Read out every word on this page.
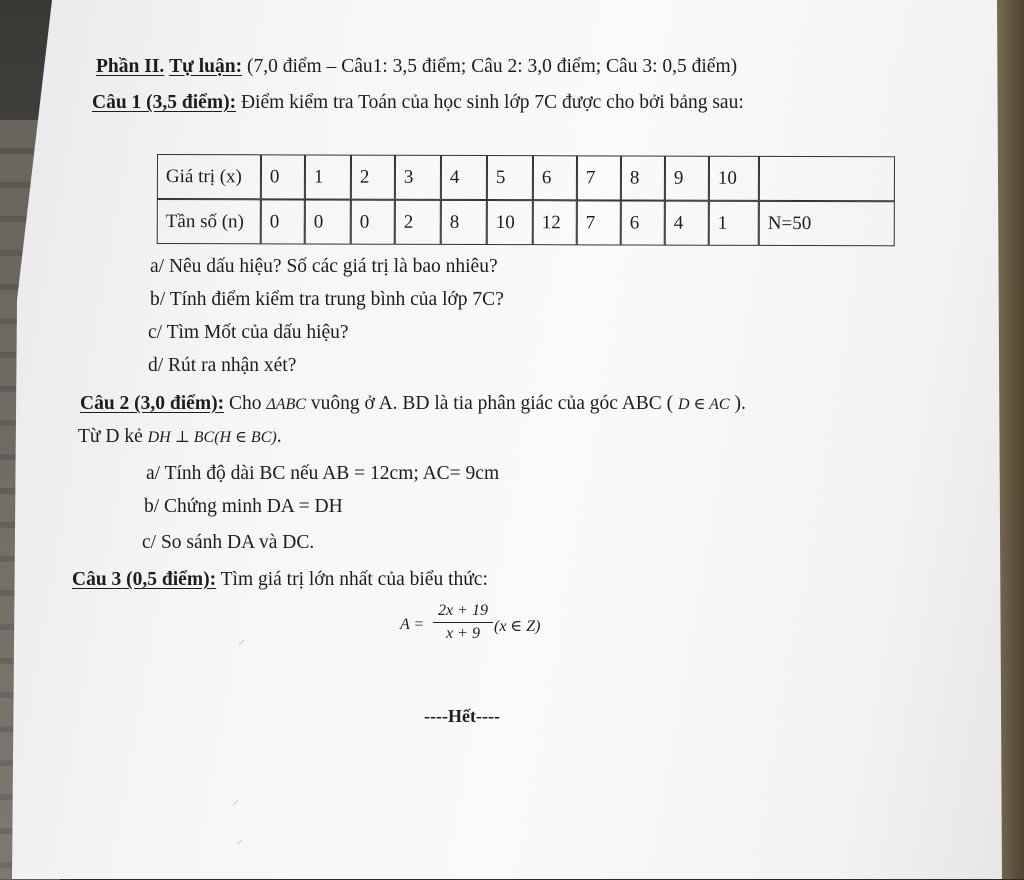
Phần II. Tự luận: (7,0 điểm – Câu1: 3,5 điểm; Câu 2: 3,0 điểm; Câu 3: 0,5 điểm)
Câu 1 (3,5 điểm): Điểm kiểm tra Toán của học sinh lớp 7C được cho bởi bảng sau:
Giá trị (x)	0	1	2	3	4	5	6	7	8	9	10
Tần số (n)	0	0	0	2	8	10	12	7	6	4	1	N=50
a/ Nêu dấu hiệu? Số các giá trị là bao nhiêu?
b/ Tính điểm kiểm tra trung bình của lớp 7C?
c/ Tìm Mốt của dấu hiệu?
d/ Rút ra nhận xét?
Câu 2 (3,0 điểm): Cho ΔABC vuông ở A. BD là tia phân giác của góc ABC ( D ∈ AC ).
Từ D kẻ DH ⊥ BC(H ∈ BC).
a/ Tính độ dài BC nếu AB = 12cm; AC= 9cm
b/ Chứng minh DA = DH
c/ So sánh DA và DC.
Câu 3 (0,5 điểm): Tìm giá trị lớn nhất của biểu thức:
A =
2x + 19
x + 9 (x ∈ Z)
----Hết----
⸝
⸝
⸝
